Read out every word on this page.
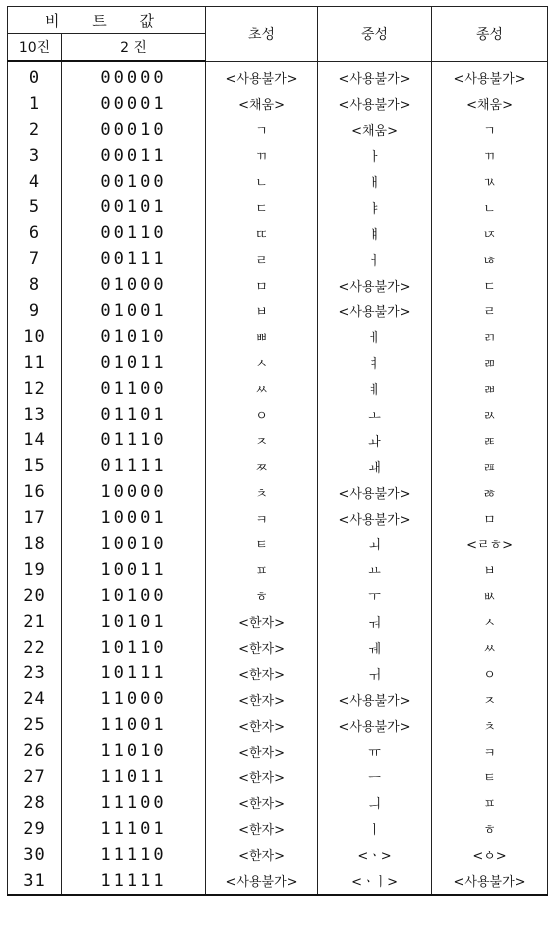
비 트 값		초성	중성	종성
10진	2 진			
0	00000	<사용불가>	<사용불가>	<사용불가>
1	00001	<채움>	<사용불가>	<채움>
2	00010	ㄱ	<채움>	ㄱ
3	00011	ㄲ	ㅏ	ㄲ
4	00100	ㄴ	ㅐ	ㄳ
5	00101	ㄷ	ㅑ	ㄴ
6	00110	ㄸ	ㅒ	ㄵ
7	00111	ㄹ	ㅓ	ㄶ
8	01000	ㅁ	<사용불가>	ㄷ
9	01001	ㅂ	<사용불가>	ㄹ
10	01010	ㅃ	ㅔ	ㄺ
11	01011	ㅅ	ㅕ	ㄻ
12	01100	ㅆ	ㅖ	ㄼ
13	01101	ㅇ	ㅗ	ㄽ
14	01110	ㅈ	ㅘ	ㄾ
15	01111	ㅉ	ㅙ	ㄿ
16	10000	ㅊ	<사용불가>	ㅀ
17	10001	ㅋ	<사용불가>	ㅁ
18	10010	ㅌ	ㅚ	<ㄹㅎ>
19	10011	ㅍ	ㅛ	ㅂ
20	10100	ㅎ	ㅜ	ㅄ
21	10101	<한자>	ㅝ	ㅅ
22	10110	<한자>	ㅞ	ㅆ
23	10111	<한자>	ㅟ	ㅇ
24	11000	<한자>	<사용불가>	ㅈ
25	11001	<한자>	<사용불가>	ㅊ
26	11010	<한자>	ㅠ	ㅋ
27	11011	<한자>	ㅡ	ㅌ
28	11100	<한자>	ㅢ	ㅍ
29	11101	<한자>	ㅣ	ㅎ
30	11110	<한자>	<ㆍ>	<ㆁ>
31	11111	<사용불가>	<ㆍㅣ>	<사용불가>
